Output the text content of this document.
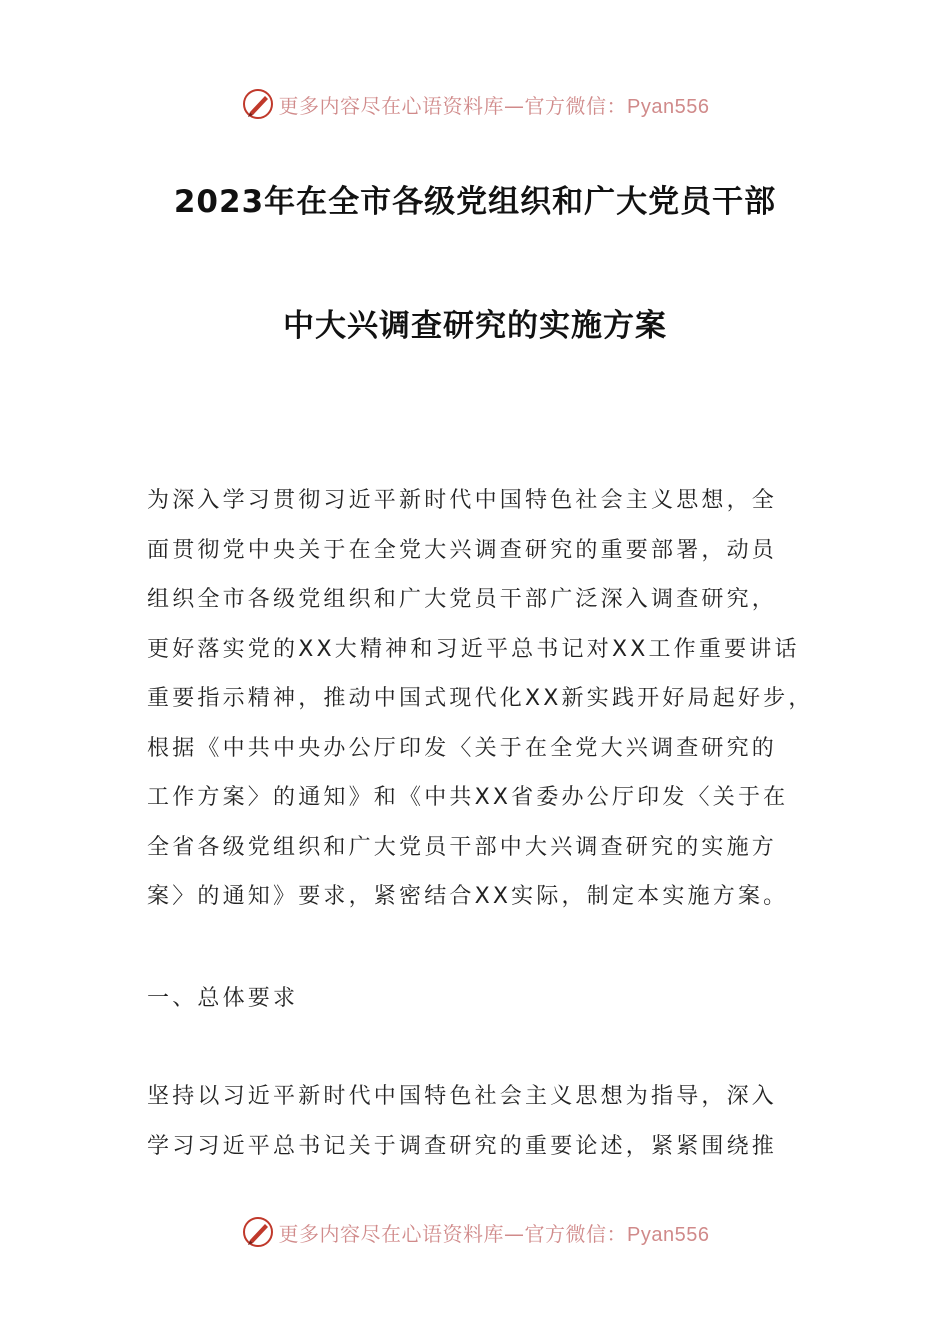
更多内容尽在心语资料库—官方微信：Pyan556
2023年在全市各级党组织和广大党员干部
中大兴调查研究的实施方案
为深入学习贯彻习近平新时代中国特色社会主义思想，全
面贯彻党中央关于在全党大兴调查研究的重要部署，动员
组织全市各级党组织和广大党员干部广泛深入调查研究，
更好落实党的XX大精神和习近平总书记对XX工作重要讲话
重要指示精神，推动中国式现代化XX新实践开好局起好步，
根据《中共中央办公厅印发〈关于在全党大兴调查研究的
工作方案〉的通知》和《中共XX省委办公厅印发〈关于在
全省各级党组织和广大党员干部中大兴调查研究的实施方
案〉的通知》要求，紧密结合XX实际，制定本实施方案。
一、总体要求
坚持以习近平新时代中国特色社会主义思想为指导，深入
学习习近平总书记关于调查研究的重要论述，紧紧围绕推
更多内容尽在心语资料库—官方微信：Pyan556
